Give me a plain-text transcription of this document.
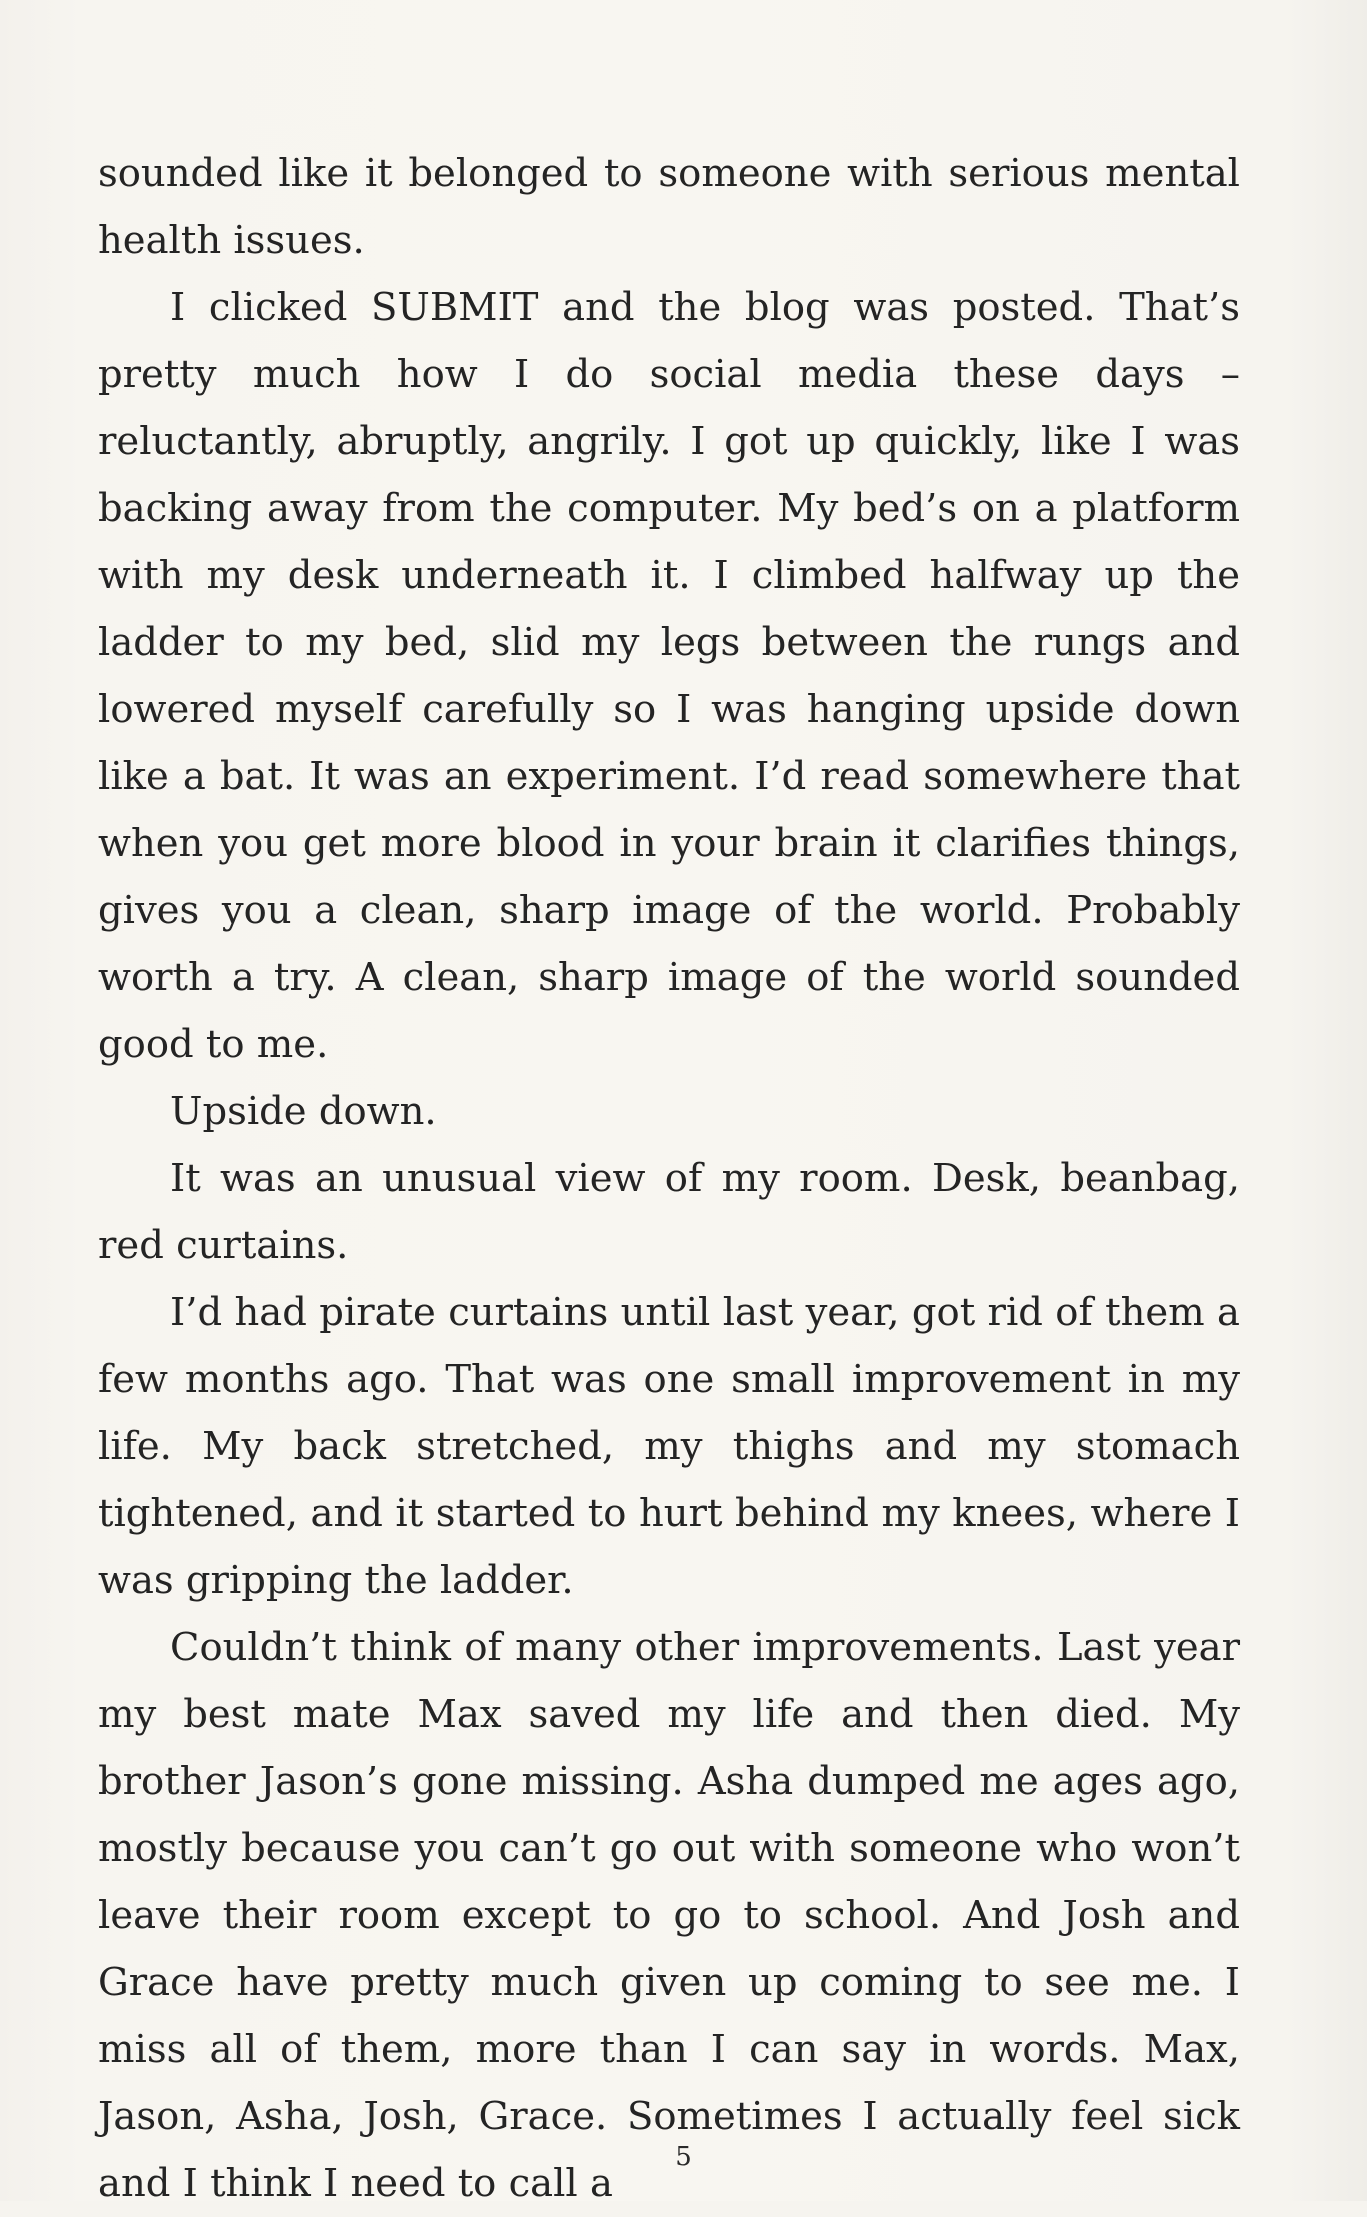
sounded like it belonged to someone with serious mental health issues.

I clicked SUBMIT and the blog was posted. That’s pretty much how I do social media these days – reluctantly, abruptly, angrily. I got up quickly, like I was backing away from the computer. My bed’s on a platform with my desk underneath it. I climbed halfway up the ladder to my bed, slid my legs between the rungs and lowered myself carefully so I was hanging upside down like a bat. It was an experiment. I’d read somewhere that when you get more blood in your brain it clarifies things, gives you a clean, sharp image of the world. Probably worth a try. A clean, sharp image of the world sounded good to me.

Upside down.

It was an unusual view of my room. Desk, beanbag, red curtains.

I’d had pirate curtains until last year, got rid of them a few months ago. That was one small improvement in my life. My back stretched, my thighs and my stomach tightened, and it started to hurt behind my knees, where I was gripping the ladder.

Couldn’t think of many other improvements. Last year my best mate Max saved my life and then died. My brother Jason’s gone missing. Asha dumped me ages ago, mostly because you can’t go out with someone who won’t leave their room except to go to school. And Josh and Grace have pretty much given up coming to see me. I miss all of them, more than I can say in words. Max, Jason, Asha, Josh, Grace. Sometimes I actually feel sick and I think I need to call a

5
